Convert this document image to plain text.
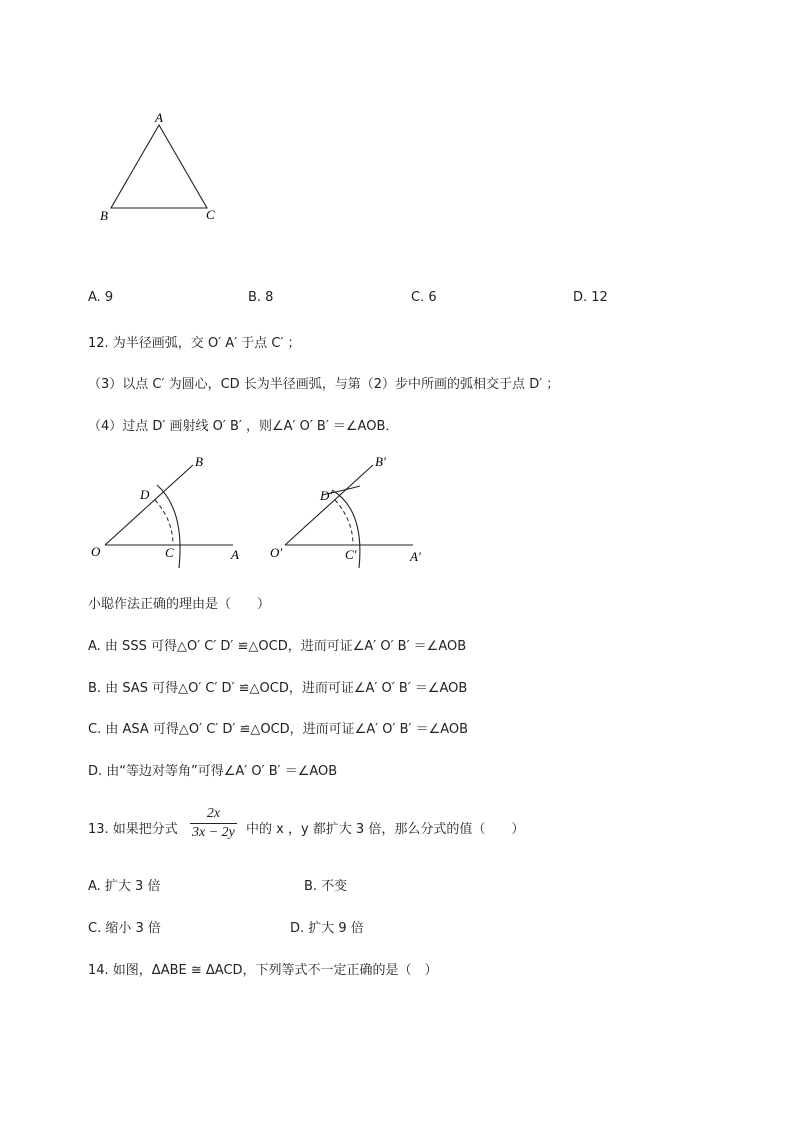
A
B	C
A. 9	B. 8	C. 6	D. 12
12. 为半径画弧，交 O′ A′ 于点 C′ ；
（3）以点 C′ 为圆心，CD 长为半径画弧，与第（2）步中所画的弧相交于点 D′ ；
（4）过点 D′ 画射线 O′ B′ ，则∠A′ O′ B′ ＝∠AOB．
O	A
B
C
D
O′	A′
B′
C′
D′
小聪作法正确的理由是（　　）
A. 由 SSS 可得△O′ C′ D′ ≌△OCD，进而可证∠A′ O′ B′ ＝∠AOB
B. 由 SAS 可得△O′ C′ D′ ≌△OCD，进而可证∠A′ O′ B′ ＝∠AOB
C. 由 ASA 可得△O′ C′ D′ ≌△OCD，进而可证∠A′ O′ B′ ＝∠AOB
D. 由“等边对等角”可得∠A′ O′ B′ ＝∠AOB
13. 如果把分式
2x
3x − 2y 中的 x ，y 都扩大 3 倍，那么分式的值（　　）
A. 扩大 3 倍	B. 不变
C. 缩小 3 倍	D. 扩大 9 倍
14. 如图，ΔABE ≅ ΔACD，下列等式不一定正确的是（　）
